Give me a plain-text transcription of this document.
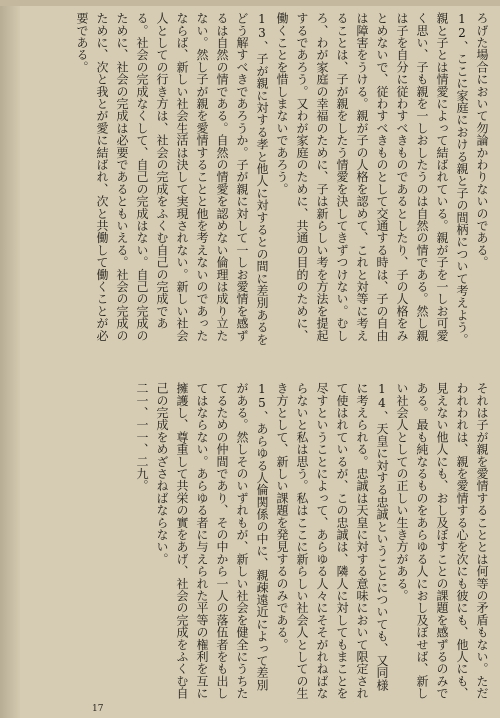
ろげた場合において勿論かわりないのである。

12、ここに家庭における親と子の間柄について考えよう。親と子とは情愛によって結ばれている。親が子を一しお可愛く思い、子も親を一しおしたうのは自然の情である。然し親は子を自分に従わすべきものであるとしたり、子の人格をみとめないで、従わすべきものとして交通する時は、子の自由は障害をうける。親が子の人格を認めて、これと対等に考えることは、子が親をしたう情愛を決してきずつけない。むしろ、わが家庭の幸福のために、子は新らしい考を方法を提起するであろう。又わが家庭のために、共通の目的のために、働くことを惜しまないであろう。

13、子が親に対する孝と他人に対するとの間に差別あるをどう解すべきであろうか。子が親に対して一しお愛情を感ずるは自然の情である。自然の情愛を認めない倫理は成り立たない。然し子が親を愛情することと他を考えないのであったならば、新しい社会生活は決して実現されない。新しい社会人としての行き方は、社会の完成をふくむ自己の完成である。社会の完成なくして、自己の完成はない。自己の完成のために、社会の完成は必要であるともいえる。社会の完成のために、次と我とが愛に結ばれ、次と共働して働くことが必要である。

それは子が親を愛情することとは何等の矛盾もない。ただわれわれは、親を愛情する心を次にも彼にも、他人にも、見えない他人にも、おし及ぼすことの課題を感ずるのみである。最も純なるものをあらゆる人におし及ぼせば、新しい社会人としての正しい生き方がある。

14、天皇に対する忠誠ということについても、又同様に考えられる。忠誠は天皇に対する意味において限定されて使はれているが、この忠誠は、隣人に対してもまことを尽すということによって、あらゆる人々にそそがれねばならないと私は思う。私はここに新らしい社会人としての生き方として、新しい課題を発見するのみである。

15、あらゆる人倫関係の中に、親疎遠近によって差別がある。然しそのいずれもが、新しい社会を健全にうちたてるための仲間であり、その中から一人の落伍者をも出してはならない。あらゆる者に与えられた平等の権利を互に擁護し、尊重して共栄の實をあげ、社会の完成をふくむ自己の完成をめざさねばならない。

二一、一一、二九。

17
